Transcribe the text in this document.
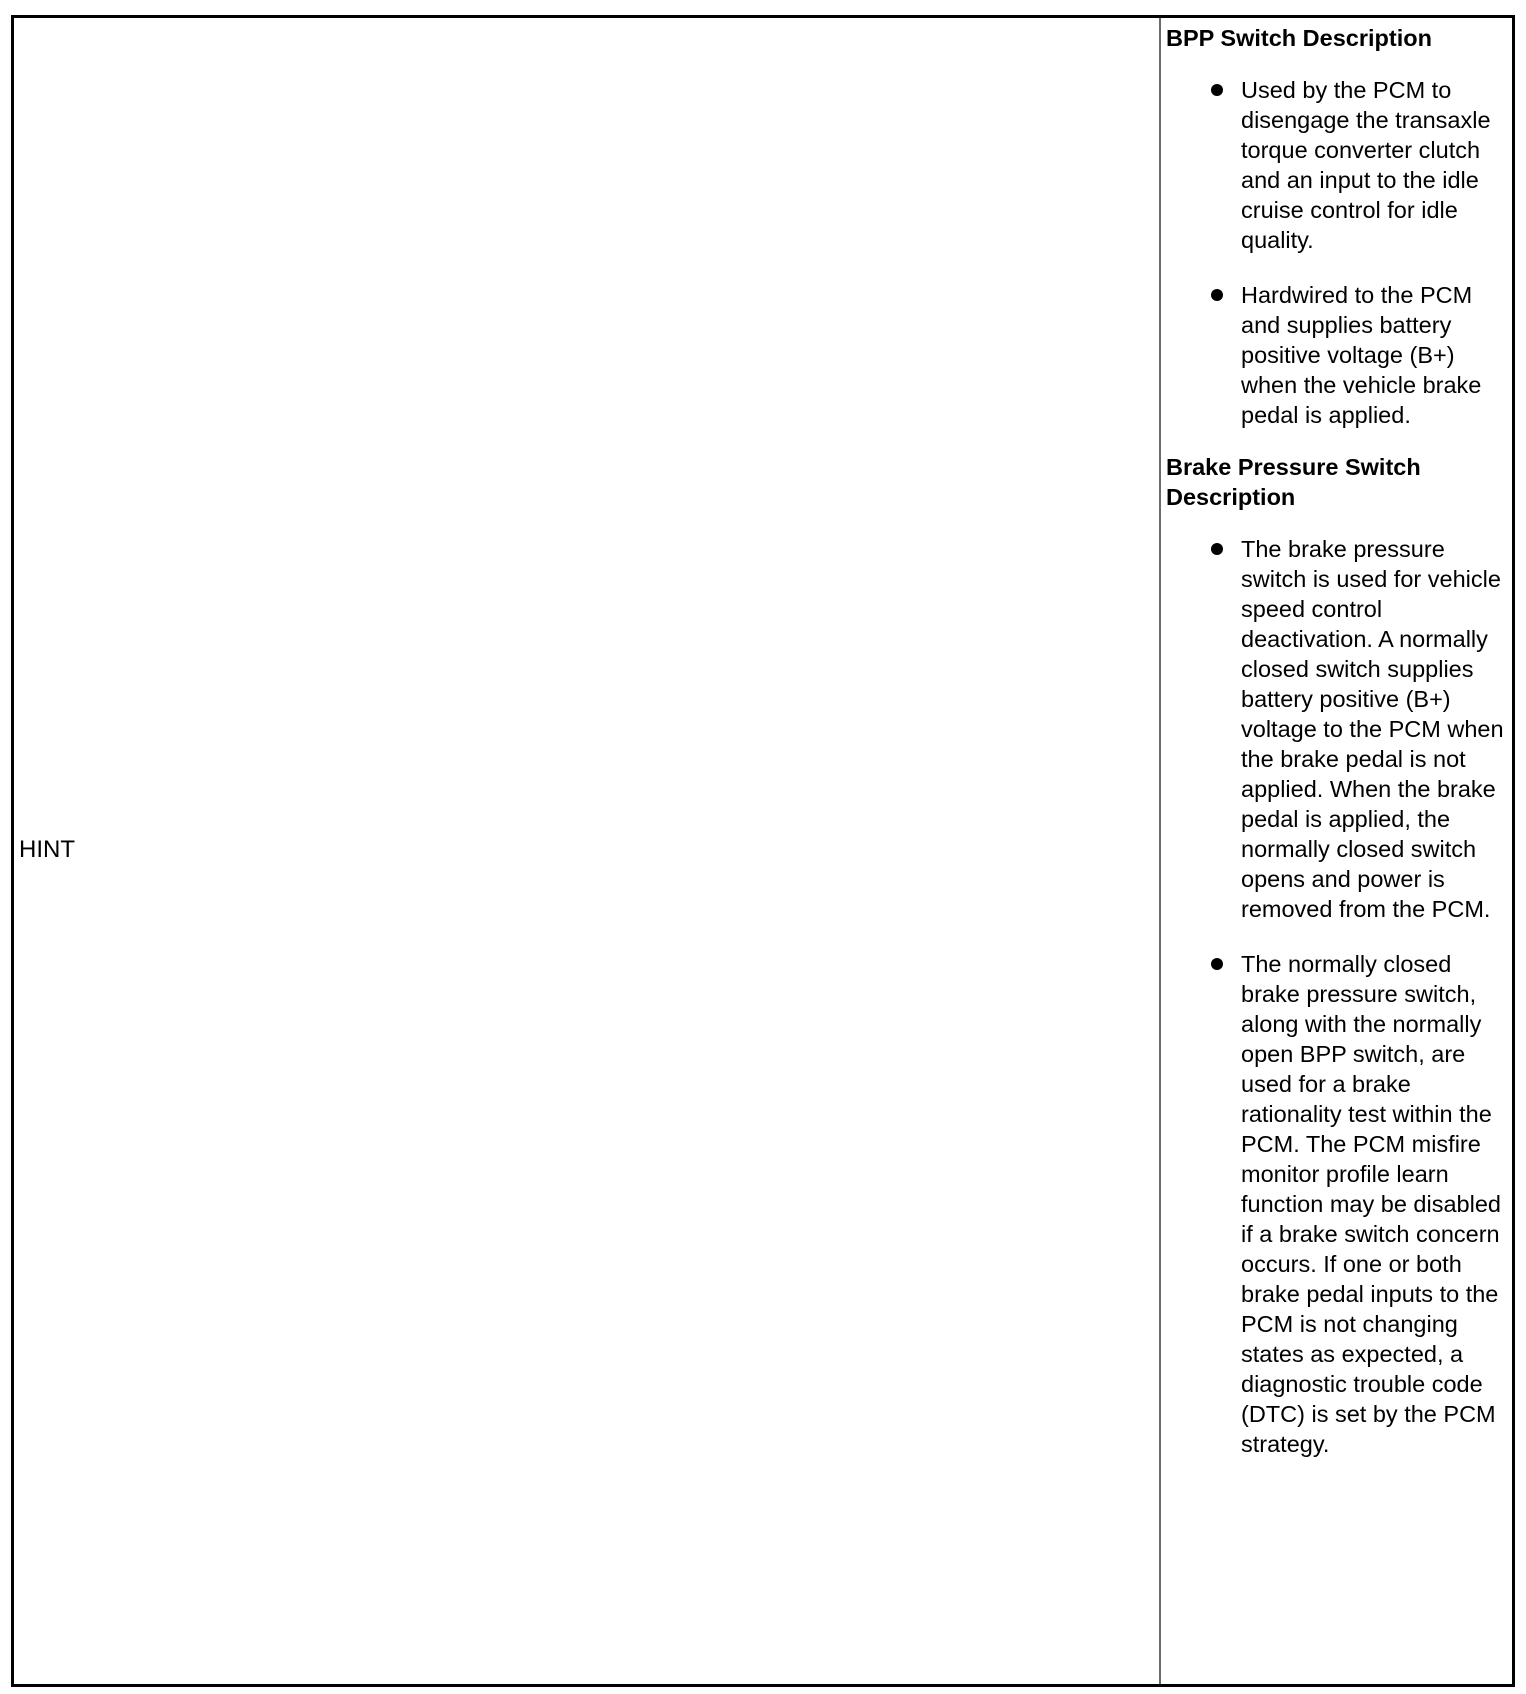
HINT
BPP Switch Description
Used by the PCM to disengage the transaxle torque converter clutch and an input to the idle cruise control for idle quality.
Hardwired to the PCM and supplies battery positive voltage (B+) when the vehicle brake pedal is applied.
Brake Pressure Switch Description
The brake pressure switch is used for vehicle speed control deactivation. A normally closed switch supplies battery positive (B+) voltage to the PCM when the brake pedal is not applied. When the brake pedal is applied, the normally closed switch opens and power is removed from the PCM.
The normally closed brake pressure switch, along with the normally open BPP switch, are used for a brake rationality test within the PCM. The PCM misfire monitor profile learn function may be disabled if a brake switch concern occurs. If one or both brake pedal inputs to the PCM is not changing states as expected, a diagnostic trouble code (DTC) is set by the PCM strategy.
